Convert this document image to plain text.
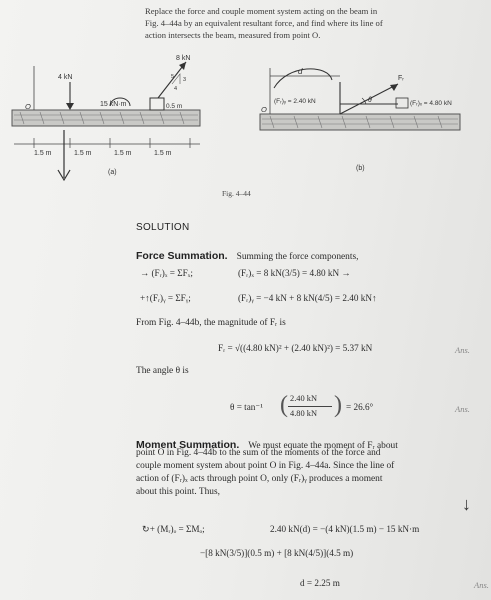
Replace the force and couple moment system acting on the beam in
Fig. 4–44a by an equivalent resultant force, and find where its line of
action intersects the beam, measured from point O.
4 kN
15 kN·m	0.5 m
8 kN
O
5 3
4
1.5 m	1.5 m	1.5 m	1.5 m
(a)
d
Fᵣ
(Fᵣ)ᵧ = 2.40 kN	(Fᵣ)ₓ = 4.80 kN
θ
O
(b)
Fig. 4–44
SOLUTION
Force Summation. Summing the force components,
→ (Fᵣ)ₓ = ΣFₓ;	(Fᵣ)ₓ = 8 kN(3/5) = 4.80 kN →
+↑(Fᵣ)ᵧ = ΣFᵧ;	(Fᵣ)ᵧ = −4 kN + 8 kN(4/5) = 2.40 kN↑
From Fig. 4–44b, the magnitude of Fᵣ is
Fᵣ = √((4.80 kN)² + (2.40 kN)²) = 5.37 kN	Ans.
The angle θ is
θ = tan⁻¹
2.40 kN
4.80 kN
( ) = 26.6°	Ans.
Moment Summation. We must equate the moment of Fᵣ about
point O in Fig. 4–44b to the sum of the moments of the force and
couple moment system about point O in Fig. 4–44a. Since the line of
action of (Fᵣ)ₓ acts through point O, only (Fᵣ)ᵧ produces a moment
about this point. Thus,
↓
↻+ (Mᵣ)ₒ = ΣMₒ;	2.40 kN(d) = −(4 kN)(1.5 m) − 15 kN·m
−[8 kN(3/5)](0.5 m) + [8 kN(4/5)](4.5 m)
d = 2.25 m	Ans.
